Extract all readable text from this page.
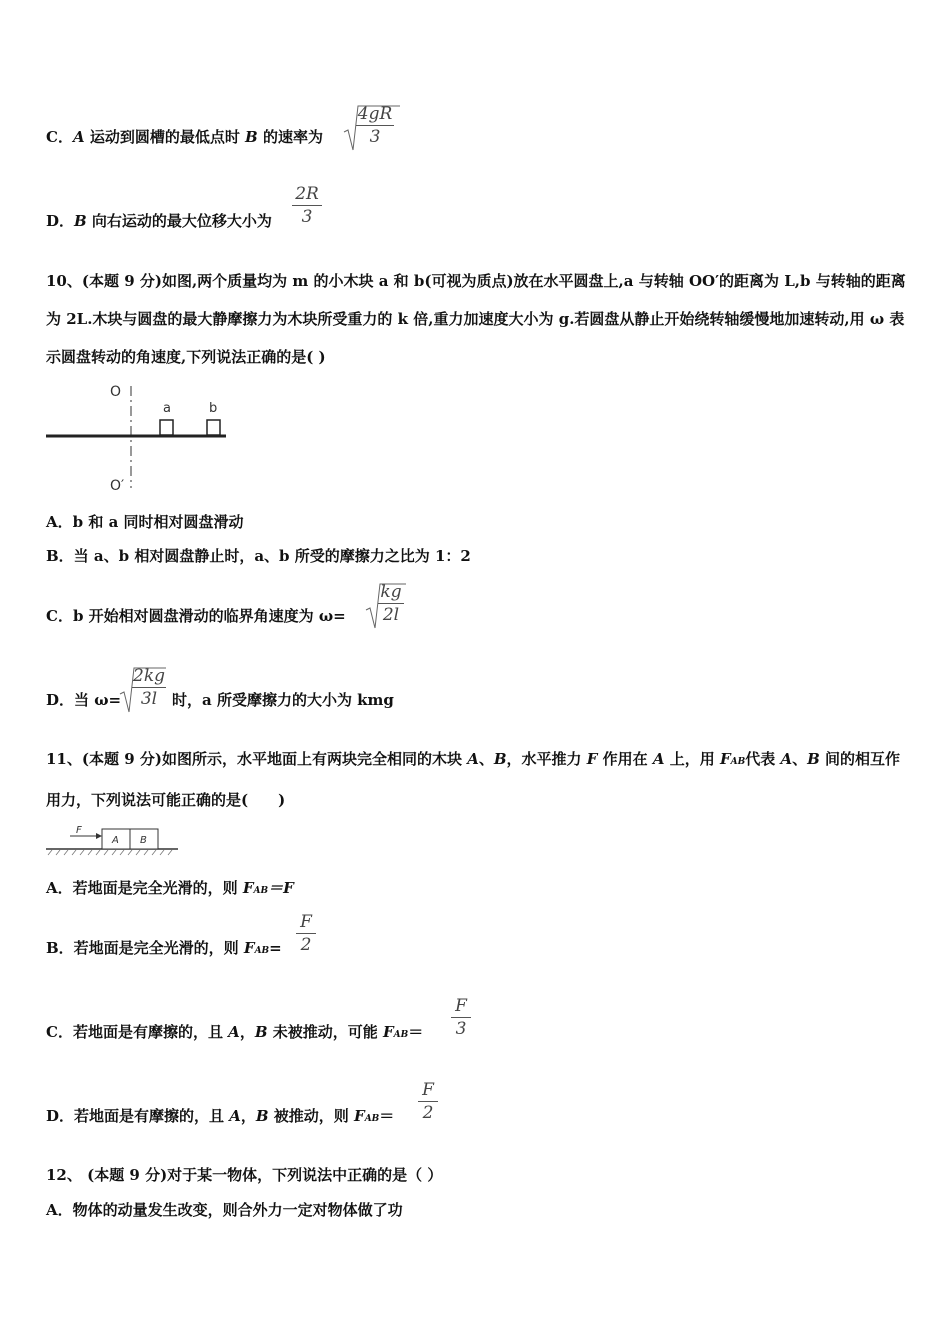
C．A 运动到圆槽的最低点时 B 的速率为
4gR
3
D．B 向右运动的最大位移大小为
2R
3
10、(本题 9 分)如图,两个质量均为 m 的小木块 a 和 b(可视为质点)放在水平圆盘上,a 与转轴 OO′的距离为 L,b 与转轴的距离为 2L.木块与圆盘的最大静摩擦力为木块所受重力的 k 倍,重力加速度大小为 g.若圆盘从静止开始绕转轴缓慢地加速转动,用 ω 表示圆盘转动的角速度,下列说法正确的是( )
O
a	b
O′
A．b 和 a 同时相对圆盘滑动
B．当 a、b 相对圆盘静止时，a、b 所受的摩擦力之比为 1：2
C．b 开始相对圆盘滑动的临界角速度为 ω=
kg
2l
D．当 ω=
2kg
3l 时，a 所受摩擦力的大小为 kmg
11、(本题 9 分)如图所示，水平地面上有两块完全相同的木块 A、B，水平推力 F 作用在 A 上，用 FAB代表 A、B 间的相互作用力，下列说法可能正确的是(　　)
F
A B
A．若地面是完全光滑的，则 FAB＝F
B．若地面是完全光滑的，则 FAB=
F
2
C．若地面是有摩擦的，且 A，B 未被推动，可能 FAB＝
F
3
D．若地面是有摩擦的，且 A，B 被推动，则 FAB＝
F
2
12、 (本题 9 分)对于某一物体，下列说法中正确的是（ ）
A．物体的动量发生改变，则合外力一定对物体做了功
